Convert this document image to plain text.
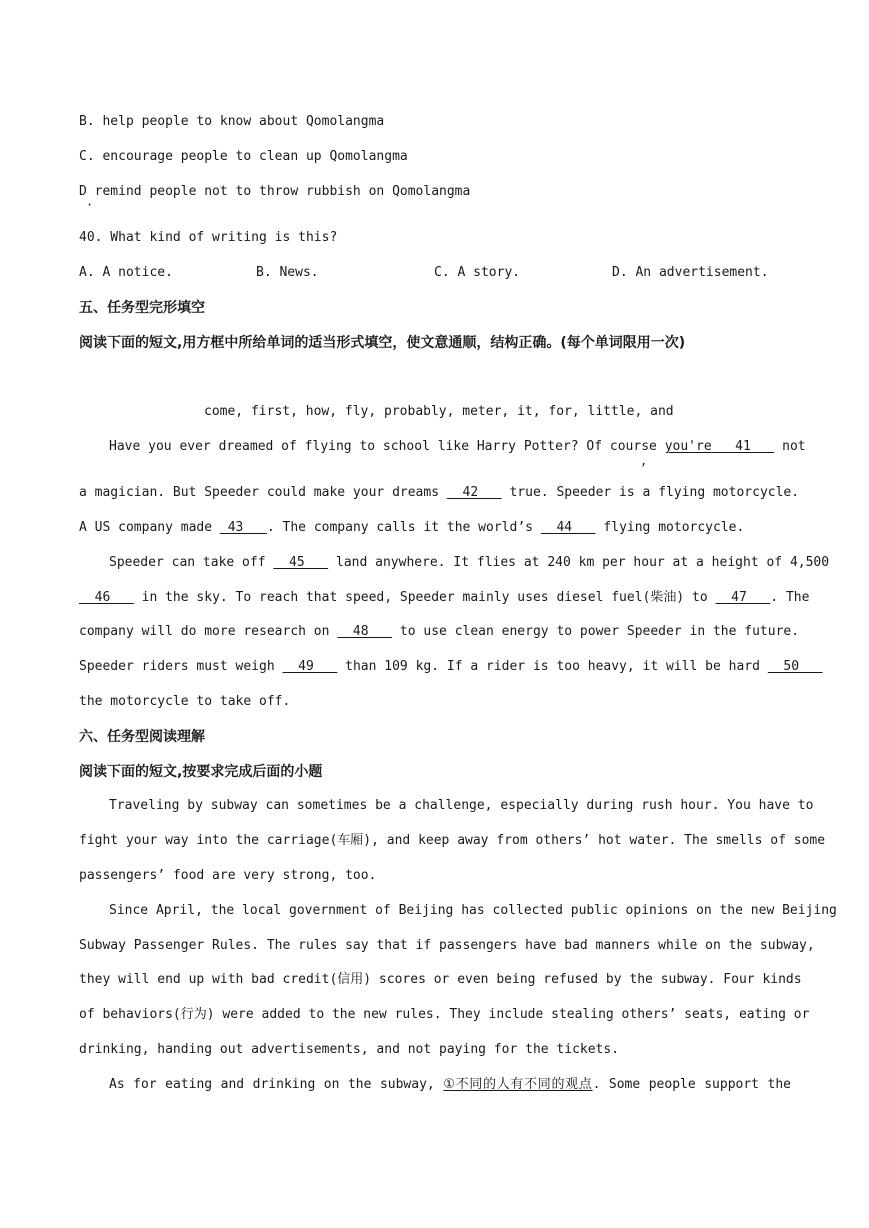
B. help people to know about Qomolangma
C. encourage people to clean up Qomolangma
D remind people not to throw rubbish on Qomolangma
·
40. What kind of writing is this?
A. A notice.	B. News.	C. A story.	D. An advertisement.
五、任务型完形填空
阅读下面的短文,用方框中所给单词的适当形式填空，使文意通顺，结构正确。(每个单词限用一次)
come, first, how, fly, probably, meter, it, for, little, and
Have you ever dreamed of flying to school like Harry Potter? Of course you're   41    not
,
a magician. But Speeder could make your dreams   42    true. Speeder is a flying motorcycle.
A US company made  43   . The company calls it the world’s   44    flying motorcycle.
Speeder can take off   45    land anywhere. It flies at 240 km per hour at a height of 4,500
46    in the sky. To reach that speed, Speeder mainly uses diesel fuel(柴油) to   47   . The
company will do more research on   48    to use clean energy to power Speeder in the future.
Speeder riders must weigh   49    than 109 kg. If a rider is too heavy, it will be hard   50
the motorcycle to take off.
六、任务型阅读理解
阅读下面的短文,按要求完成后面的小题
Traveling by subway can sometimes be a challenge, especially during rush hour. You have to
fight your way into the carriage(车厢), and keep away from others’ hot water. The smells of some
passengers’ food are very strong, too.
Since April, the local government of Beijing has collected public opinions on the new Beijing
Subway Passenger Rules. The rules say that if passengers have bad manners while on the subway,
they will end up with bad credit(信用) scores or even being refused by the subway. Four kinds
of behaviors(行为) were added to the new rules. They include stealing others’ seats, eating or
drinking, handing out advertisements, and not paying for the tickets.
As for eating and drinking on the subway, ①不同的人有不同的观点. Some people support the
